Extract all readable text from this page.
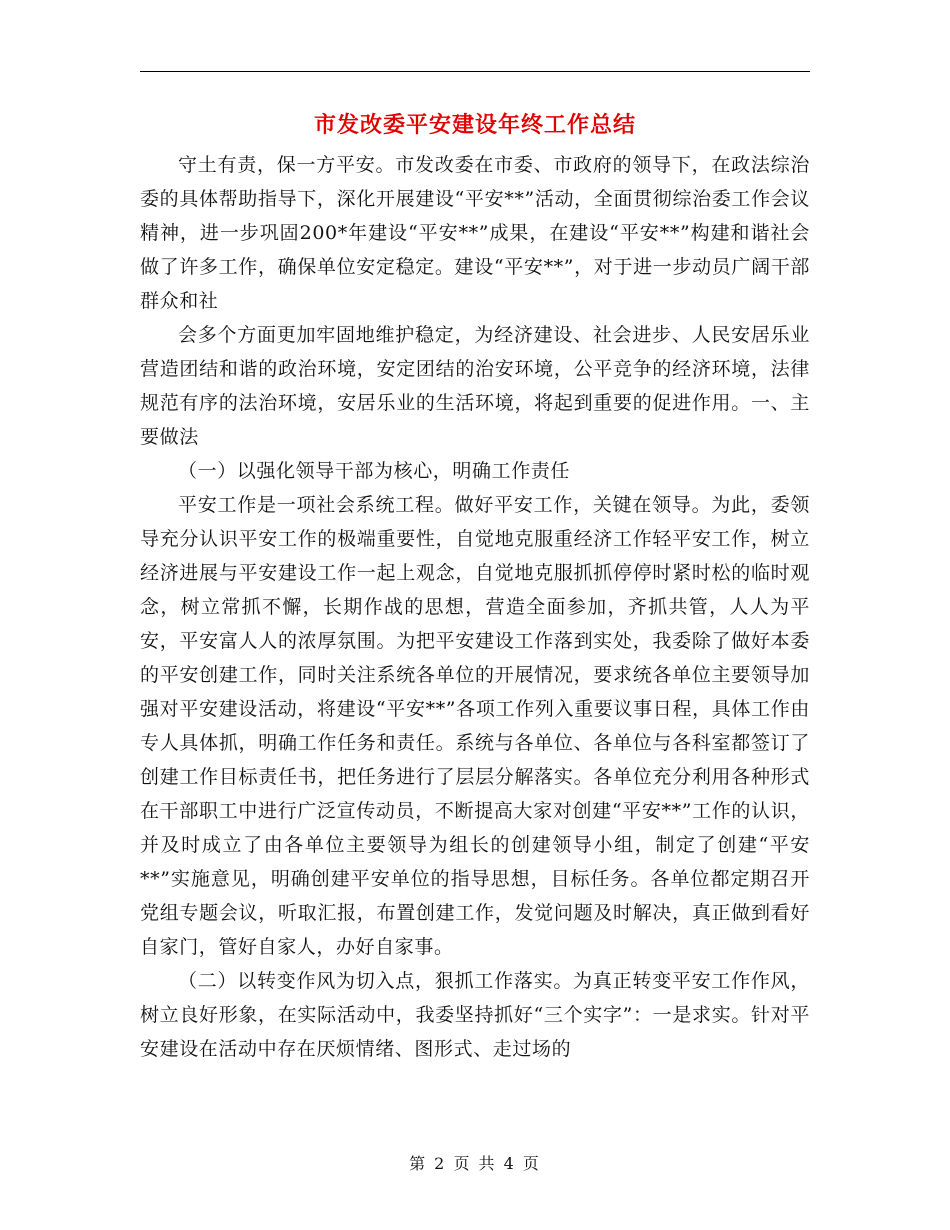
市发改委平安建设年终工作总结

守土有责，保一方平安。市发改委在市委、市政府的领导下，在政法综治委的具体帮助指导下，深化开展建设“平安**”活动，全面贯彻综治委工作会议精神，进一步巩固200*年建设“平安**”成果，在建设“平安**”构建和谐社会做了许多工作，确保单位安定稳定。建设“平安**”，对于进一步动员广阔干部群众和社

会多个方面更加牢固地维护稳定，为经济建设、社会进步、人民安居乐业营造团结和谐的政治环境，安定团结的治安环境，公平竞争的经济环境，法律规范有序的法治环境，安居乐业的生活环境，将起到重要的促进作用。一、主要做法

（一）以强化领导干部为核心，明确工作责任

平安工作是一项社会系统工程。做好平安工作，关键在领导。为此，委领导充分认识平安工作的极端重要性，自觉地克服重经济工作轻平安工作，树立经济进展与平安建设工作一起上观念，自觉地克服抓抓停停时紧时松的临时观念，树立常抓不懈，长期作战的思想，营造全面参加，齐抓共管，人人为平安，平安富人人的浓厚氛围。为把平安建设工作落到实处，我委除了做好本委的平安创建工作，同时关注系统各单位的开展情况，要求统各单位主要领导加强对平安建设活动，将建设“平安**”各项工作列入重要议事日程，具体工作由专人具体抓，明确工作任务和责任。系统与各单位、各单位与各科室都签订了创建工作目标责任书，把任务进行了层层分解落实。各单位充分利用各种形式在干部职工中进行广泛宣传动员，不断提高大家对创建“平安**”工作的认识，并及时成立了由各单位主要领导为组长的创建领导小组，制定了创建“平安**”实施意见，明确创建平安单位的指导思想，目标任务。各单位都定期召开党组专题会议，听取汇报，布置创建工作，发觉问题及时解决，真正做到看好自家门，管好自家人，办好自家事。

（二）以转变作风为切入点，狠抓工作落实。为真正转变平安工作作风，树立良好形象，在实际活动中，我委坚持抓好“三个实字”：一是求实。针对平安建设在活动中存在厌烦情绪、图形式、走过场的

第 2 页 共 4 页
